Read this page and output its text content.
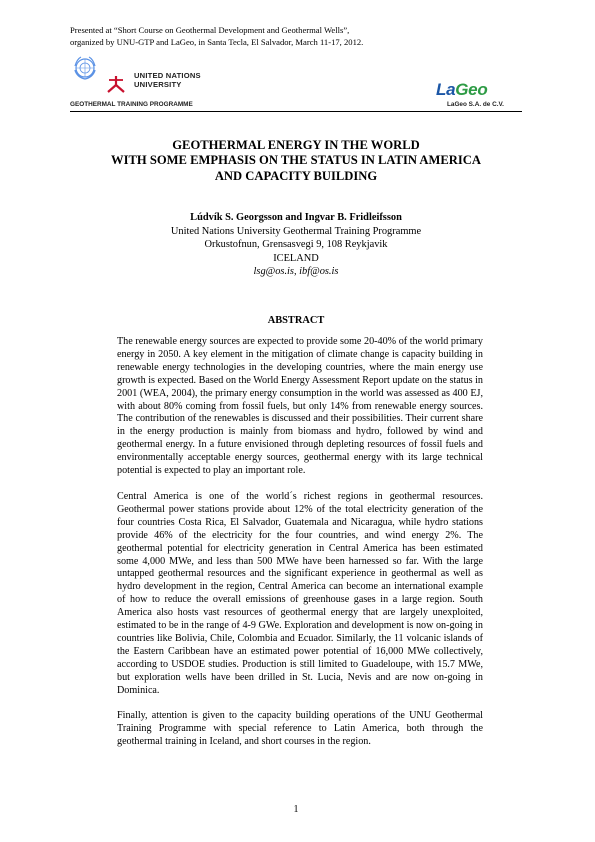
Presented at “Short Course on Geothermal Development and Geothermal Wells”,
organized by UNU-GTP and LaGeo, in Santa Tecla, El Salvador, March 11-17, 2012.
UNITED NATIONS
UNIVERSITY
GEOTHERMAL TRAINING PROGRAMME
LaGeo
LaGeo S.A. de C.V.
GEOTHERMAL ENERGY IN THE WORLD
WITH SOME EMPHASIS ON THE STATUS IN LATIN AMERICA
AND CAPACITY BUILDING
Lúdvík S. Georgsson and Ingvar B. Fridleifsson
United Nations University Geothermal Training Programme
Orkustofnun, Grensasvegi 9, 108 Reykjavik
ICELAND
lsg@os.is, ibf@os.is
ABSTRACT

The renewable energy sources are expected to provide some 20-40% of the world primary energy in 2050. A key element in the mitigation of climate change is capacity building in renewable energy technologies in the developing countries, where the main energy use growth is expected. Based on the World Energy Assessment Report update on the status in 2001 (WEA, 2004), the primary energy consumption in the world was assessed as 400 EJ, with about 80% coming from fossil fuels, but only 14% from renewable energy sources. The contribution of the renewables is discussed and their possibilities. Their current share in the energy production is mainly from biomass and hydro, followed by wind and geothermal energy. In a future envisioned through depleting resources of fossil fuels and environmentally acceptable energy sources, geothermal energy with its large technical potential is expected to play an important role.

Central America is one of the world´s richest regions in geothermal resources. Geothermal power stations provide about 12% of the total electricity generation of the four countries Costa Rica, El Salvador, Guatemala and Nicaragua, while hydro stations provide 46% of the electricity for the four countries, and wind energy 2%. The geothermal potential for electricity generation in Central America has been estimated some 4,000 MWe, and less than 500 MWe have been harnessed so far. With the large untapped geothermal resources and the significant experience in geothermal as well as hydro development in the region, Central America can become an international example of how to reduce the overall emissions of greenhouse gases in a large region. South America also hosts vast resources of geothermal energy that are largely unexploited, estimated to be in the range of 4-9 GWe. Exploration and development is now on-going in countries like Bolivia, Chile, Colombia and Ecuador. Similarly, the 11 volcanic islands of the Eastern Caribbean have an estimated power potential of 16,000 MWe collectively, according to USDOE studies. Production is still limited to Guadeloupe, with 15.7 MWe, but exploration wells have been drilled in St. Lucia, Nevis and are now on-going in Dominica.

Finally, attention is given to the capacity building operations of the UNU Geothermal Training Programme with special reference to Latin America, both through the geothermal training in Iceland, and short courses in the region.

1
